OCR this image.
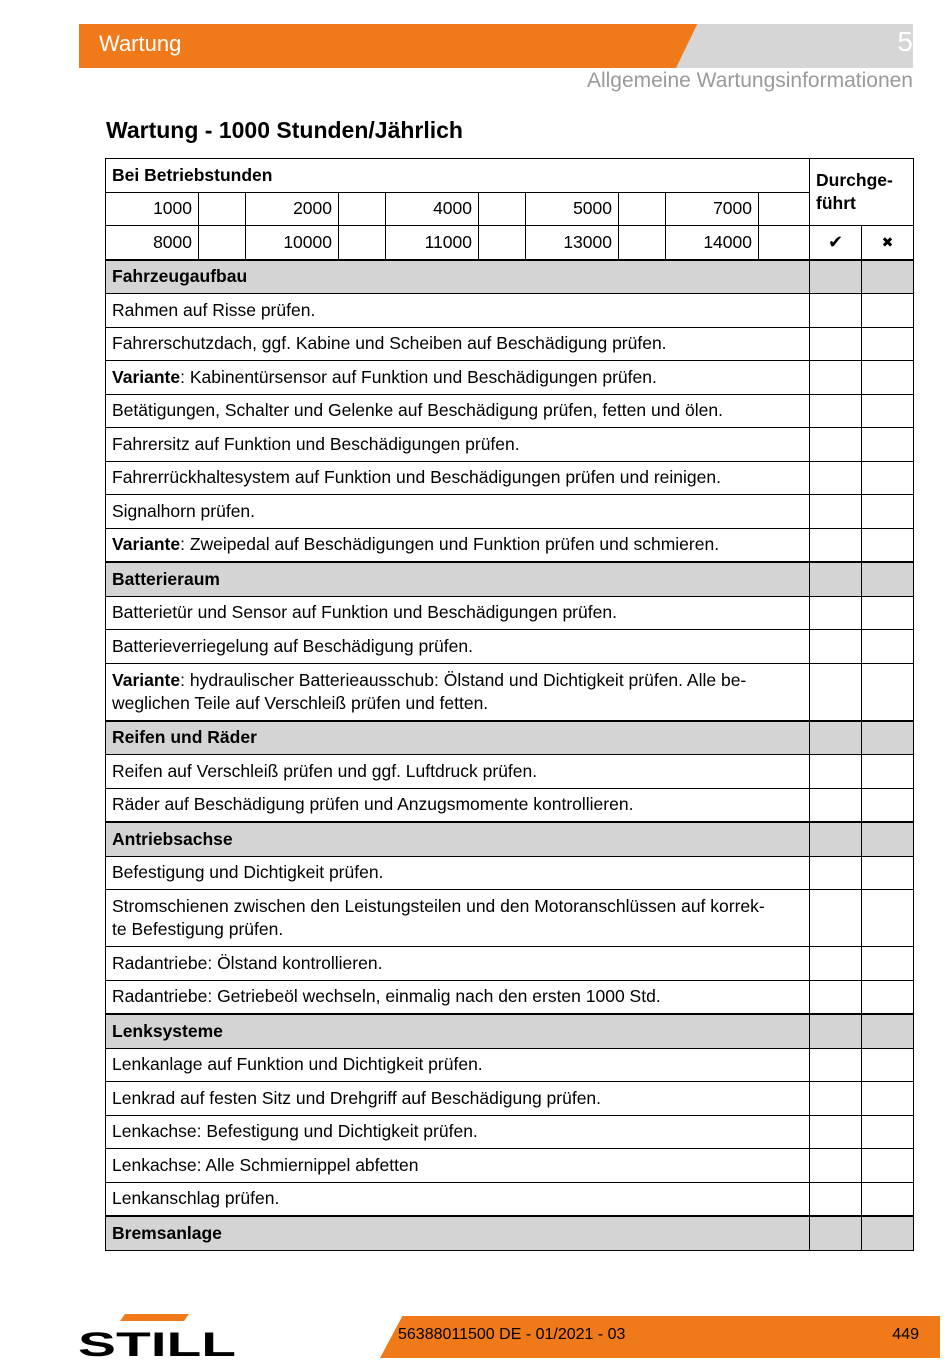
Wartung	5
Allgemeine Wartungsinformationen
Wartung - 1000 Stunden/Jährlich
Bei Betriebstunden										Durchge-
führt	
1000		2000		4000		5000		7000			
8000		10000		11000		13000		14000		✔	✖
Fahrzeugaufbau											
Rahmen auf Risse prüfen.											
Fahrerschutzdach, ggf. Kabine und Scheiben auf Beschädigung prüfen.											
Variante: Kabinentürsensor auf Funktion und Beschädigungen prüfen.											
Betätigungen, Schalter und Gelenke auf Beschädigung prüfen, fetten und ölen.											
Fahrersitz auf Funktion und Beschädigungen prüfen.											
Fahrerrückhaltesystem auf Funktion und Beschädigungen prüfen und reinigen.											
Signalhorn prüfen.											
Variante: Zweipedal auf Beschädigungen und Funktion prüfen und schmieren.											
Batterieraum											
Batterietür und Sensor auf Funktion und Beschädigungen prüfen.											
Batterieverriegelung auf Beschädigung prüfen.											
Variante: hydraulischer Batterieausschub: Ölstand und Dichtigkeit prüfen. Alle be-
weglichen Teile auf Verschleiß prüfen und fetten.											
Reifen und Räder											
Reifen auf Verschleiß prüfen und ggf. Luftdruck prüfen.											
Räder auf Beschädigung prüfen und Anzugsmomente kontrollieren.											
Antriebsachse											
Befestigung und Dichtigkeit prüfen.											
Stromschienen zwischen den Leistungsteilen und den Motoranschlüssen auf korrek-
te Befestigung prüfen.											
Radantriebe: Ölstand kontrollieren.											
Radantriebe: Getriebeöl wechseln, einmalig nach den ersten 1000 Std.											
Lenksysteme											
Lenkanlage auf Funktion und Dichtigkeit prüfen.											
Lenkrad auf festen Sitz und Drehgriff auf Beschädigung prüfen.											
Lenkachse: Befestigung und Dichtigkeit prüfen.											
Lenkachse: Alle Schmiernippel abfetten											
Lenkanschlag prüfen.											
Bremsanlage											
STILL	56388011500 DE - 01/2021 - 03	449
